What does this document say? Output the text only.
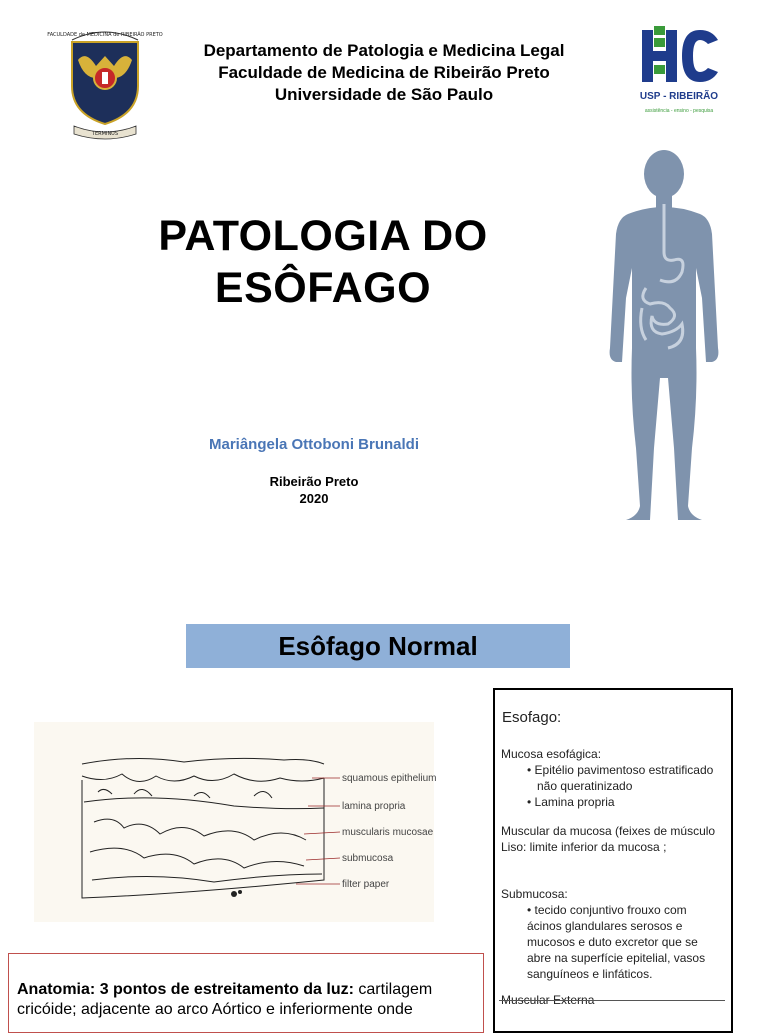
FACULDADE de MEDICINA de RIBEIRÃO PRETO
TERMINUS
Departamento de Patologia e Medicina Legal
Faculdade de Medicina de Ribeirão Preto
Universidade de São Paulo	USP - RIBEIRÃO
assistência - ensino - pesquisa
PATOLOGIA DO
ESÔFAGO
Mariângela Ottoboni Brunaldi
Ribeirão Preto
2020
Esôfago Normal
squamous epithelium
lamina propria
muscularis mucosae
submucosa
filter paper
Esofago:
Mucosa esofágica:
• Epitélio pavimentoso estratificado não queratinizado
• Lamina propria
Muscular da mucosa (feixes de músculo Liso: limite inferior da mucosa ;
Submucosa:
• tecido conjuntivo frouxo com
ácinos glandulares serosos e mucosos e duto excretor que se abre na superfície epitelial, vasos sanguíneos e linfáticos.
Muscular Externa
Anatomia: 3 pontos de estreitamento da luz: cartilagem cricóide; adjacente ao arco Aórtico e inferiormente onde
